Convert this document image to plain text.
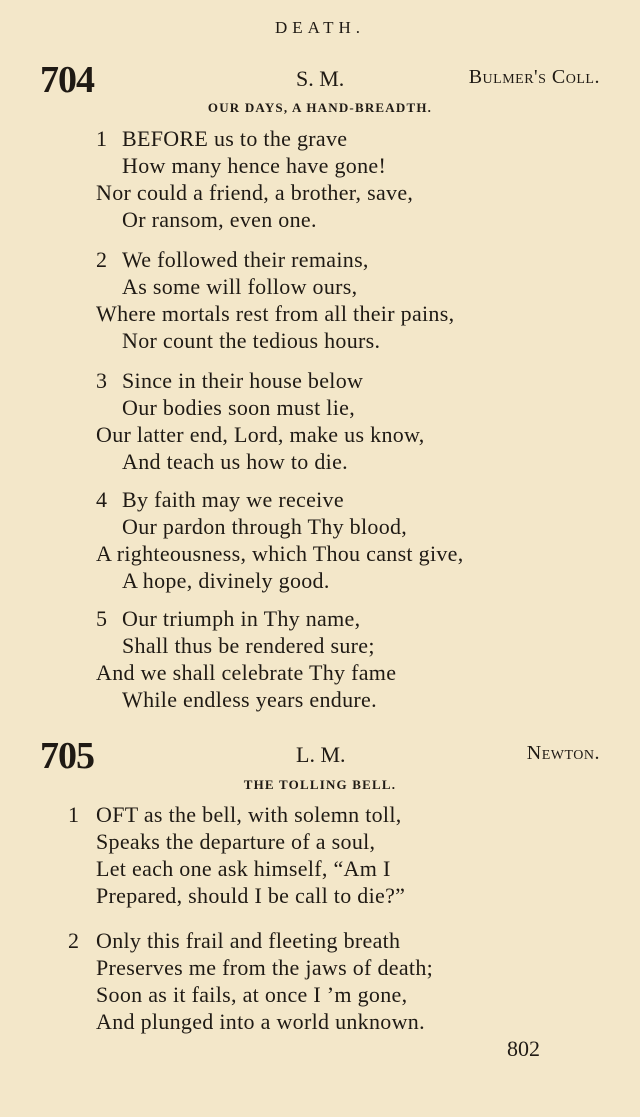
DEATH.
704	S. M.	Bulmer's Coll.
OUR DAYS, A HAND-BREADTH.
1 BEFORE us to the grave
How many hence have gone!
Nor could a friend, a brother, save,
Or ransom, even one.
2 We followed their remains,
As some will follow ours,
Where mortals rest from all their pains,
Nor count the tedious hours.
3 Since in their house below
Our bodies soon must lie,
Our latter end, Lord, make us know,
And teach us how to die.
4 By faith may we receive
Our pardon through Thy blood,
A righteousness, which Thou canst give,
A hope, divinely good.
5 Our triumph in Thy name,
Shall thus be rendered sure;
And we shall celebrate Thy fame
While endless years endure.
705	L. M.	Newton.
THE TOLLING BELL.
1 OFT as the bell, with solemn toll,
Speaks the departure of a soul,
Let each one ask himself, “Am I
Prepared, should I be call to die?”
2 Only this frail and fleeting breath
Preserves me from the jaws of death;
Soon as it fails, at once I ’m gone,
And plunged into a world unknown.
802
